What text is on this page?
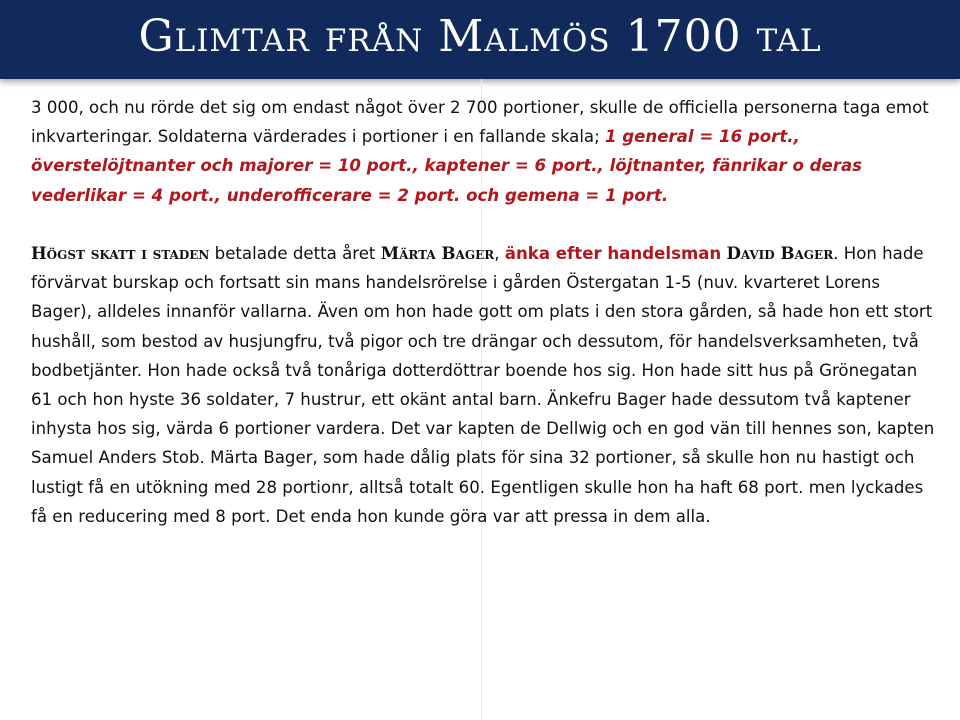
Glimtar från Malmös 1700 tal

3 000, och nu rörde det sig om endast något över 2 700 portioner, skulle de officiella personerna taga emot inkvarteringar. Soldaterna värderades i portioner i en fallande skala; 1 general = 16 port., överstelöjtnanter och majorer = 10 port., kaptener = 6 port., löjtnanter, fänrikar o deras vederlikar = 4 port., underofficerare = 2 port. och gemena = 1 port.

Högst skatt i staden betalade detta året Märta Bager, änka efter handelsman David Bager. Hon hade förvärvat burskap och fortsatt sin mans handelsrörelse i gården Östergatan 1-5 (nuv. kvarteret Lorens Bager), alldeles innanför vallarna. Även om hon hade gott om plats i den stora gården, så hade hon ett stort hushåll, som bestod av husjungfru, två pigor och tre drängar och dessutom, för handelsverksamheten, två bodbetjänter. Hon hade också två tonåriga dotterdöttrar boende hos sig. Hon hade sitt hus på Grönegatan 61 och hon hyste 36 soldater, 7 hustrur, ett okänt antal barn. Änkefru Bager hade dessutom två kaptener inhysta hos sig, värda 6 portioner vardera. Det var kapten de Dellwig och en god vän till hennes son, kapten Samuel Anders Stob. Märta Bager, som hade dålig plats för sina 32 portioner, så skulle hon nu hastigt och lustigt få en utökning med 28 portionr, alltså totalt 60. Egentligen skulle hon ha haft 68 port. men lyckades få en reducering med 8 port. Det enda hon kunde göra var att pressa in dem alla.
